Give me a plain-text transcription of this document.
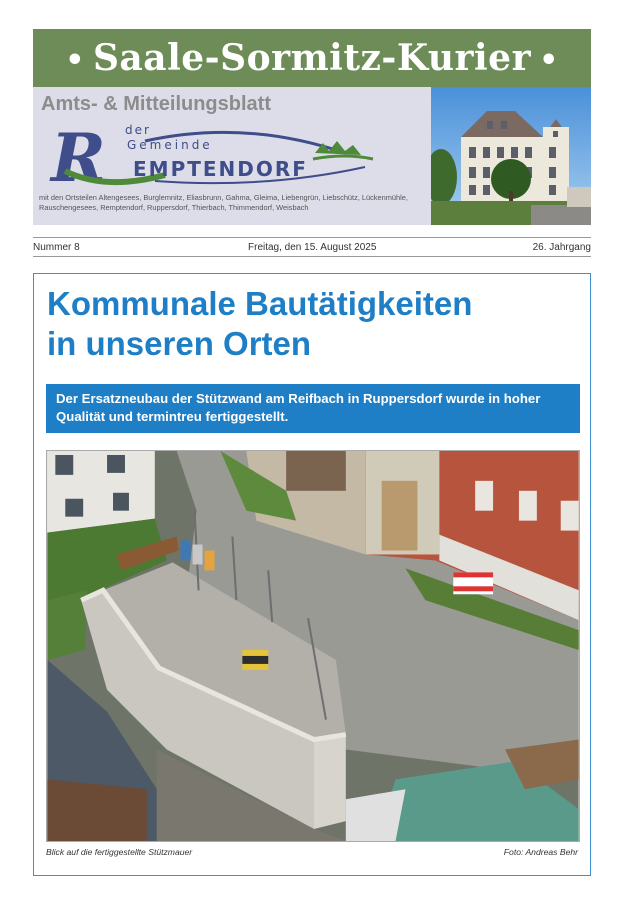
• Saale-Sormitz-Kurier •
Amts- & Mitteilungsblatt
R der
Gemeinde
EMPTENDORF
mit den Ortsteilen Altengesees, Burglemnitz, Eliasbrunn, Gahma, Gleima, Liebengrün, Liebschütz, Lückenmühle, Rauschengesees, Remptendorf, Ruppersdorf, Thierbach, Thimmendorf, Weisbach
Nummer 8	Freitag, den 15. August 2025	26. Jahrgang
Kommunale Bautätigkeiten
in unseren Orten
Der Ersatzneubau der Stützwand am Reifbach in Ruppersdorf wurde in hoher Qualität und termintreu fertiggestellt.
Blick auf die fertiggestellte Stützmauer	Foto: Andreas Behr
